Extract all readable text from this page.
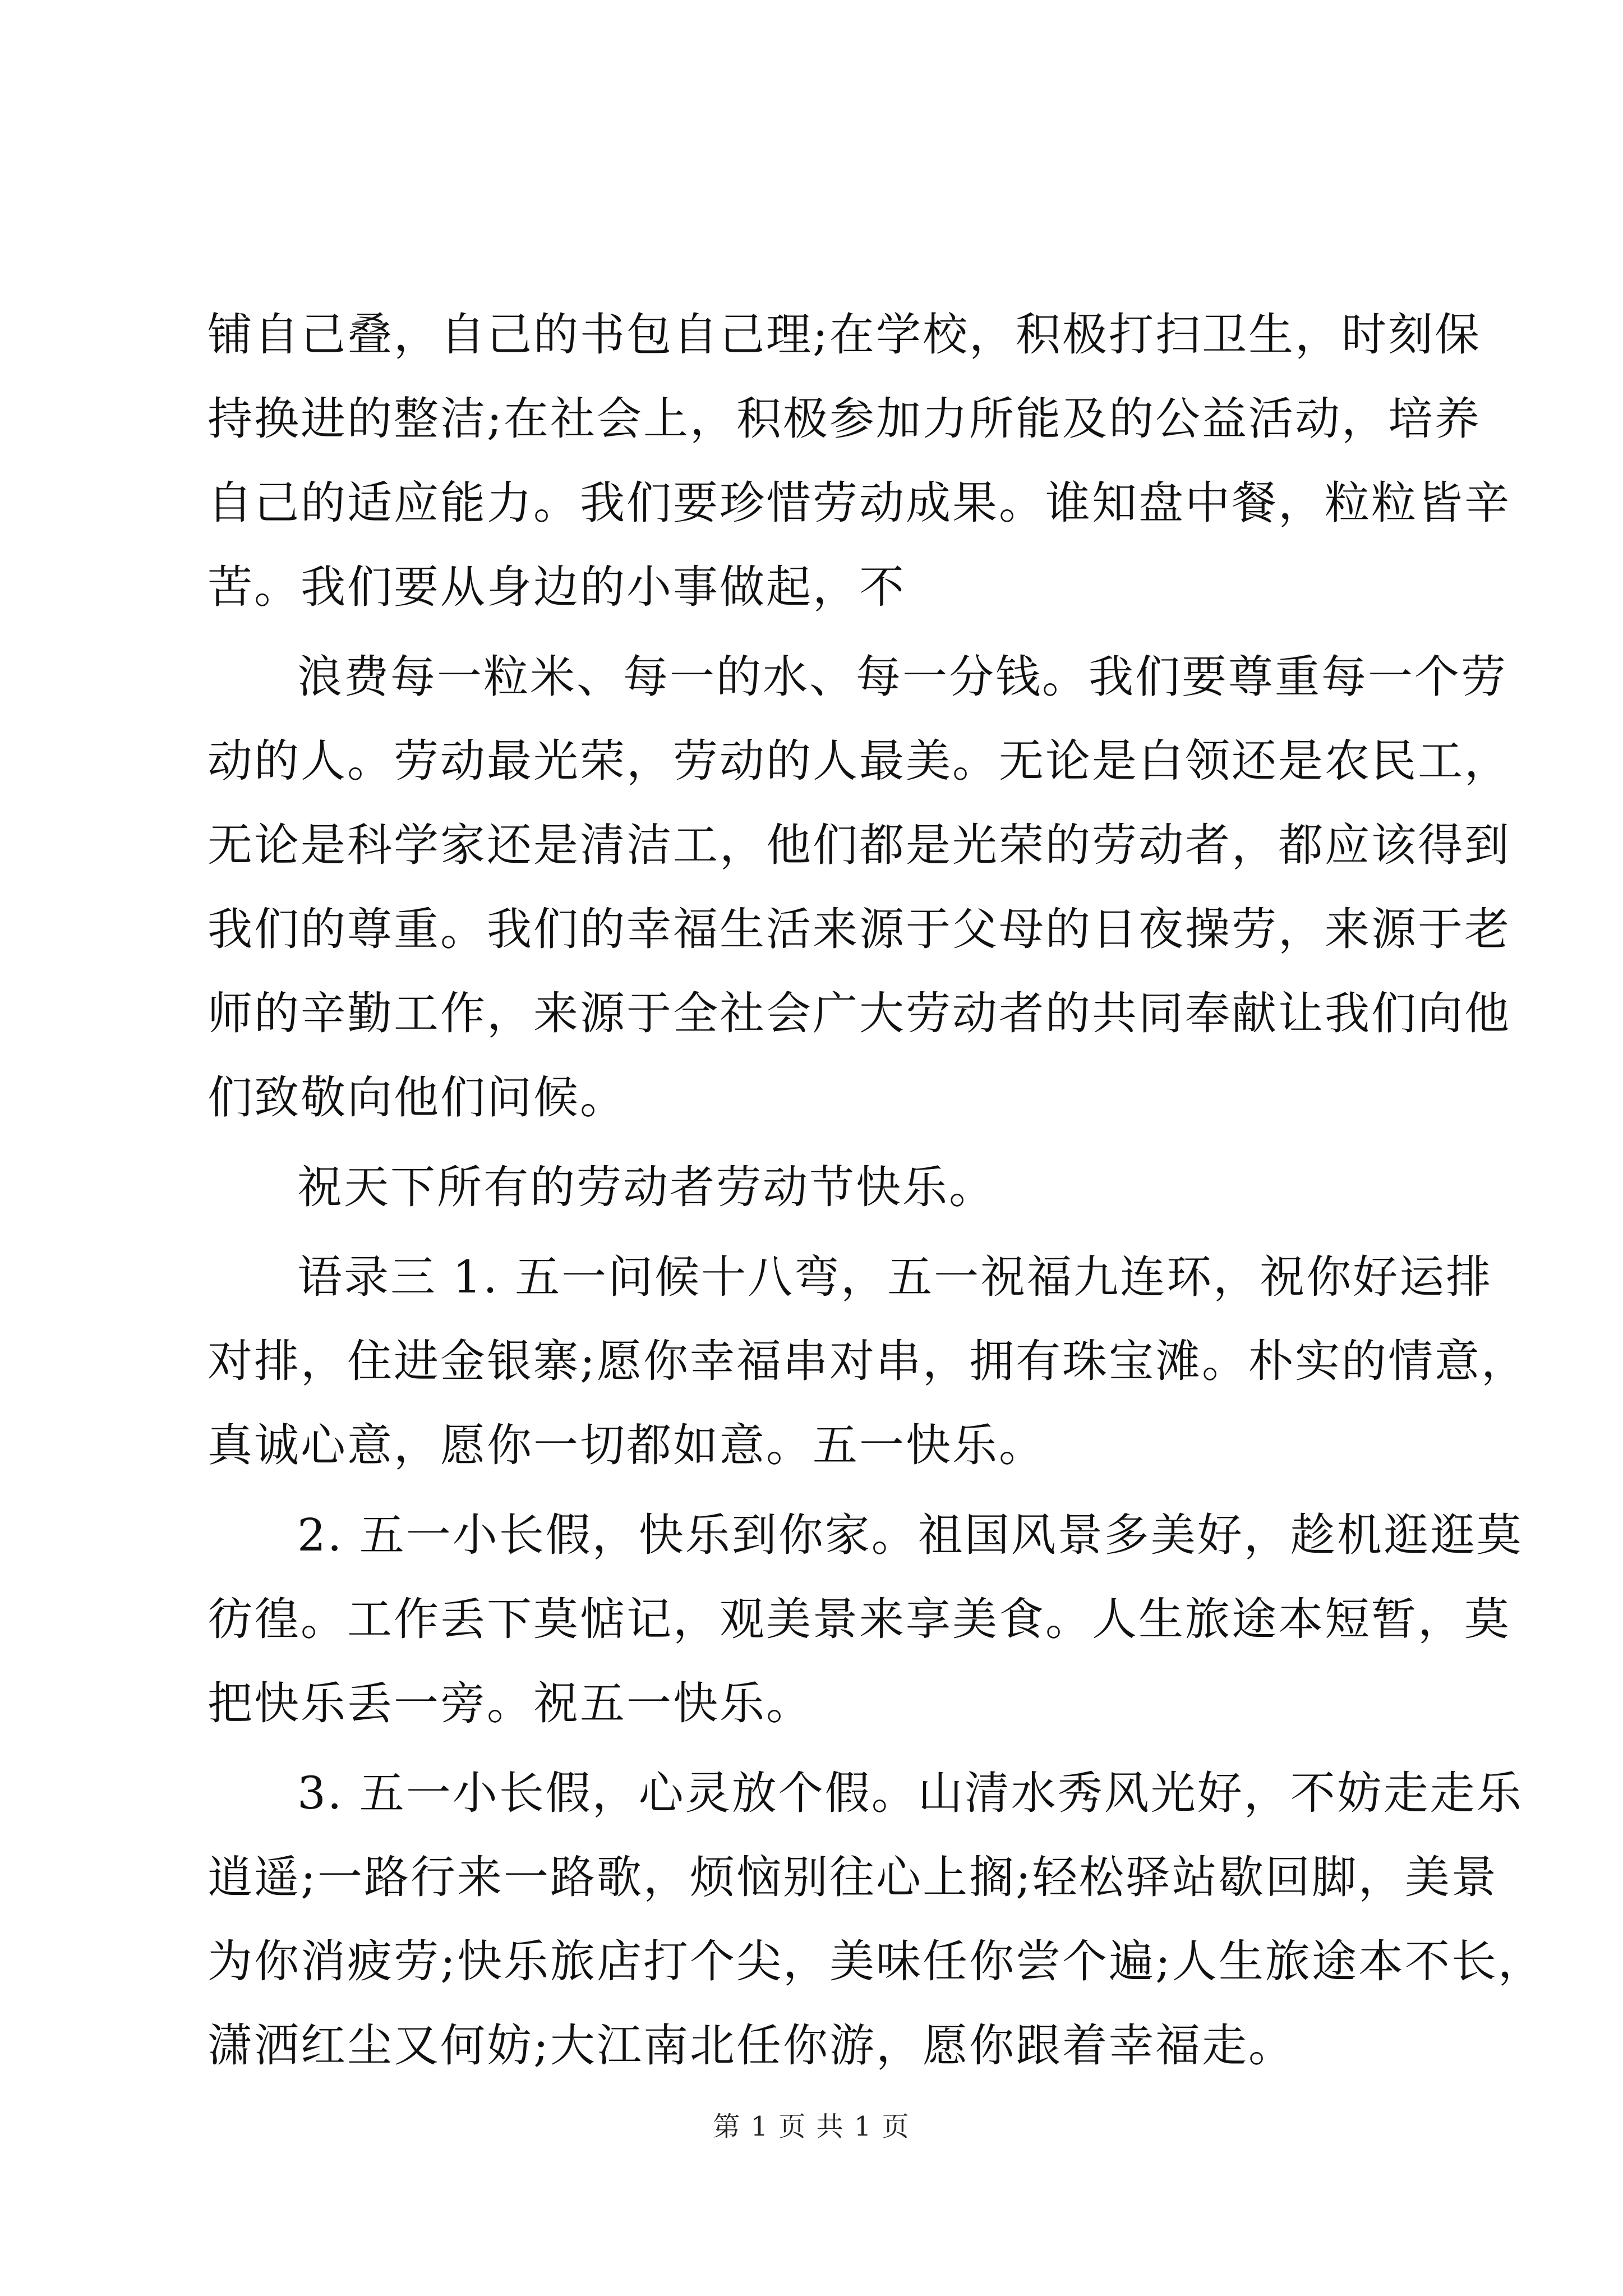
铺自己叠，自己的书包自己理;在学校，积极打扫卫生，时刻保
持换进的整洁;在社会上，积极参加力所能及的公益活动，培养
自己的适应能力。我们要珍惜劳动成果。谁知盘中餐，粒粒皆辛
苦。我们要从身边的小事做起，不
浪费每一粒米、每一的水、每一分钱。我们要尊重每一个劳
动的人。劳动最光荣，劳动的人最美。无论是白领还是农民工，
无论是科学家还是清洁工，他们都是光荣的劳动者，都应该得到
我们的尊重。我们的幸福生活来源于父母的日夜操劳，来源于老
师的辛勤工作，来源于全社会广大劳动者的共同奉献让我们向他
们致敬向他们问候。
祝天下所有的劳动者劳动节快乐。
语录三 1. 五一问候十八弯，五一祝福九连环，祝你好运排
对排，住进金银寨;愿你幸福串对串，拥有珠宝滩。朴实的情意，
真诚心意，愿你一切都如意。五一快乐。
2. 五一小长假，快乐到你家。祖国风景多美好，趁机逛逛莫
彷徨。工作丢下莫惦记，观美景来享美食。人生旅途本短暂，莫
把快乐丢一旁。祝五一快乐。
3. 五一小长假，心灵放个假。山清水秀风光好，不妨走走乐
逍遥;一路行来一路歌，烦恼别往心上搁;轻松驿站歇回脚，美景
为你消疲劳;快乐旅店打个尖，美味任你尝个遍;人生旅途本不长，
潇洒红尘又何妨;大江南北任你游，愿你跟着幸福走。
第 1 页 共 1 页
